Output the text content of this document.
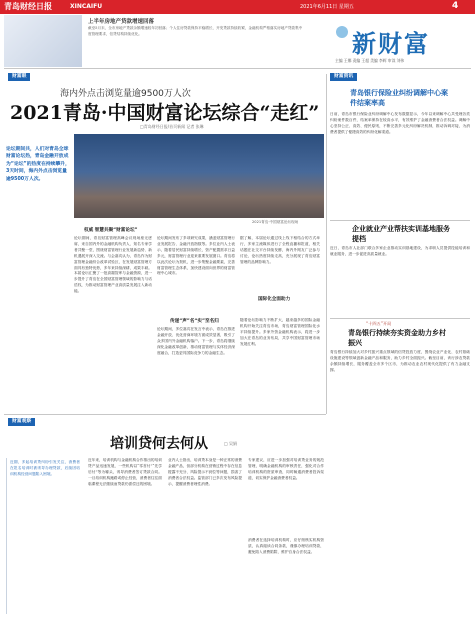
青岛财经日报	XINCAIFU	2021年6月11日 星期五	4
上半年房地产贷款增速回落
截至5月末，全市房地产贷款余额增速较年初回落；个人住房贷款保持平稳增长，开发贷款持续收紧，金融机构严格落实房地产贷款集中度管理要求，信贷结构持续优化。	新财富
主编 王娜 责编 王超 美编 李辉 审读 刘伟
财富眼
海内外点击浏览量逾9500万人次
2021青岛·中国财富论坛综合“走红”
□青岛财经日报/首页新闻 记者 张琳
论坛期间共，人们对青岛全球财富论坛热，青岛金融开放成为“论坛”的热度在持续攀升，3天时间，海内外点击浏览量逾9500万人次。
2021青岛·中国财富论坛现场
权威 智慧共聚“财富论坛”
论坛期间，青岛财富管理高峰会议现场座无虚席，来自国内外的金融机构负责人、知名专家学者共聚一堂，围绕财富管理行业发展新趋势、新机遇展开深入交流。与会嘉宾认为，青岛作为财富管理金融综合改革试验区，在发展财富管理方面具有独特优势，多年来持续深耕，成果丰硕。本届论坛汇聚了一批高端智库与金融资源，进一步提升了青岛在全国财富管理领域的影响力与话语权，为推动财富管理产业高质量发展注入新动能。
论坛期间发布了多项研究成果，涵盖财富管理行业发展报告、金融开放指数等。多位业内人士表示，随着居民财富持续增长，资产配置需求日益多元，财富管理行业迎来重要发展窗口。青岛将以此次论坛为契机，进一步集聚金融要素，完善财富管理生态体系，加快建设面向世界的财富管理中心城市。
据了解，本届论坛通过线上线下相结合的方式举行，多家主流媒体进行了全程直播和报道，相关话题在社交平台持续发酵，海内外网友广泛参与讨论，论坛热度持续走高，充分展现了青岛财富管理的品牌影响力。
传递“声”名“实”至名归
论坛期间，多位嘉宾在发言中表示，青岛在推进金融开放、优化营商环境方面成效显著，吸引了众多国内外金融机构落户。下一步，青岛将继续深化金融改革创新，推动财富管理与实体经济深度融合，打造更具国际竞争力的金融生态。
国际化全面助力
随着论坛影响力不断扩大，越来越多的国际金融机构开始关注青岛市场，青岛财富管理国际化水平持续提升。多家外资金融机构表示，将进一步加大在青岛的业务布局，共享中国财富管理市场发展红利。
财富资讯
青岛银行保险业纠纷调解中心案件结案率高
日前，青岛市银行保险业纠纷调解中心发布数据显示，今年以来调解中心共受理各类纠纷案件数百件，结案率保持在较高水平，有效维护了金融消费者合法权益。调解中心坚持公正、高效、便民原则，不断完善多元化纠纷解决机制，推动诉调对接，为消费者提供了便捷高效的纠纷化解渠道。
企业就业产业帮扶实训基地服务提档
近日，青岛市人社部门联合多家企业推动实训基地建设，为求职人员提供技能培训和就业服务，进一步促进高质量就业。
“十四五”开局
青岛银行持续夯实资金助力乡村振兴
青岛银行持续加大对乡村振兴重点领域的信贷投放力度，围绕农业产业化、农村基础设施建设等领域创新金融产品和服务，助力乡村全面振兴。截至目前，该行涉农贷款余额持续增长，服务覆盖全市多个区市，为推动农业农村现代化提供了有力金融支撑。
财富观察
培训贷何去何从	□ 吴娟
近期，多起培训贷纠纷引发关注，消费者在报名培训时被诱导办理贷款，后续因培训机构经营问题陷入困境。
近年来，培训机构与金融机构合作推出的培训贷产品迅速发展，一些机构以“零首付”“先学后付”等为噱头，诱导消费者签订贷款合同。一旦培训机构跑路或停止经营，消费者往往面临课程无法继续而贷款仍需偿还的困境。
业内人士指出，培训贷本身是一种正常的消费金融产品，但部分机构在营销过程中存在信息披露不充分、风险提示不到位等问题，损害了消费者合法权益。监管部门已多次发布风险提示，提醒消费者理性消费。
专家建议，应进一步加强对培训贷业务的规范管理，明确金融机构的审核责任，强化对合作培训机构的资质审查，同时畅通消费者投诉渠道，切实保护金融消费者权益。
消费者在选择培训机构时，应仔细核实机构资质，认真阅读合同条款，谨慎办理培训贷款，避免陷入消费陷阱，维护自身合法权益。
